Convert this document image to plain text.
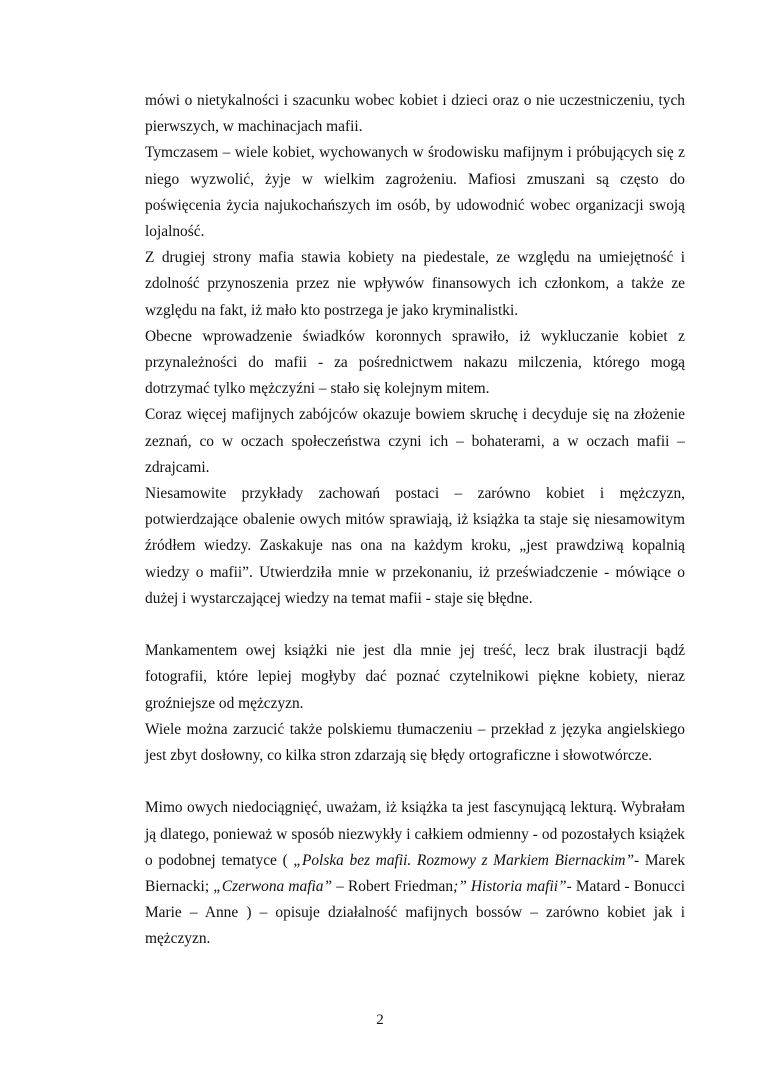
mówi o nietykalności i szacunku wobec kobiet i dzieci oraz o nie uczestniczeniu, tych pierwszych, w machinacjach mafii.

Tymczasem – wiele kobiet, wychowanych w środowisku mafijnym i próbujących się z niego wyzwolić, żyje w wielkim zagrożeniu. Mafiosi zmuszani są często do poświęcenia życia najukochańszych im osób, by udowodnić wobec organizacji swoją lojalność.

Z drugiej strony mafia stawia kobiety na piedestale, ze względu na umiejętność i zdolność przynoszenia przez nie wpływów finansowych ich członkom, a także ze względu na fakt, iż mało kto postrzega je jako kryminalistki.

Obecne wprowadzenie świadków koronnych sprawiło, iż wykluczanie kobiet z przynależności do mafii - za pośrednictwem nakazu milczenia, którego mogą dotrzymać tylko mężczyźni – stało się kolejnym mitem.

Coraz więcej mafijnych zabójców okazuje bowiem skruchę i decyduje się na złożenie zeznań, co w oczach społeczeństwa czyni ich – bohaterami, a w oczach mafii – zdrajcami.

Niesamowite przykłady zachowań postaci – zarówno kobiet i mężczyzn, potwierdzające obalenie owych mitów sprawiają, iż książka ta staje się niesamowitym źródłem wiedzy. Zaskakuje nas ona na każdym kroku, „jest prawdziwą kopalnią wiedzy o mafii”. Utwierdziła mnie w przekonaniu, iż przeświadczenie - mówiące o dużej i wystarczającej wiedzy na temat mafii - staje się błędne.

Mankamentem owej książki nie jest dla mnie jej treść, lecz brak ilustracji bądź fotografii, które lepiej mogłyby dać poznać czytelnikowi piękne kobiety, nieraz groźniejsze od mężczyzn.

Wiele można zarzucić także polskiemu tłumaczeniu – przekład z języka angielskiego jest zbyt dosłowny, co kilka stron zdarzają się błędy ortograficzne i słowotwórcze.

Mimo owych niedociągnięć, uważam, iż książka ta jest fascynującą lekturą. Wybrałam ją dlatego, ponieważ w sposób niezwykły i całkiem odmienny - od pozostałych książek o podobnej tematyce ( „Polska bez mafii. Rozmowy z Markiem Biernackim”- Marek Biernacki; „Czerwona mafia” – Robert Friedman;” Historia mafii”- Matard - Bonucci Marie – Anne ) – opisuje działalność mafijnych bossów – zarówno kobiet jak i mężczyzn.

2
